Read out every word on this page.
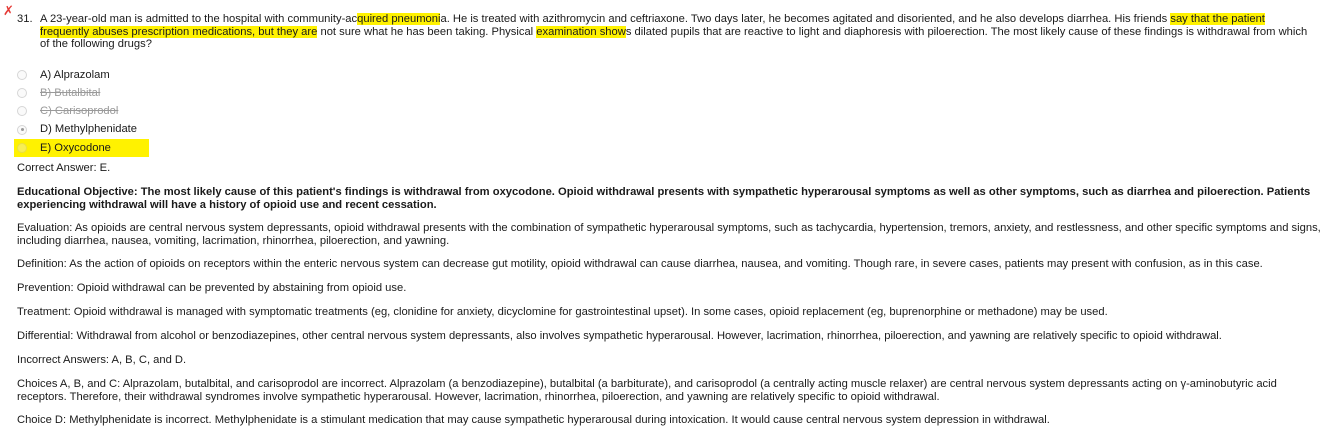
✗
31. A 23-year-old man is admitted to the hospital with community-acquired pneumonia. He is treated with azithromycin and ceftriaxone. Two days later, he becomes agitated and disoriented, and he also develops diarrhea. His friends say that the patient frequently abuses prescription medications, but they are not sure what he has been taking. Physical examination shows dilated pupils that are reactive to light and diaphoresis with piloerection. The most likely cause of these findings is withdrawal from which of the following drugs?
A) Alprazolam
B) Butalbital
C) Carisoprodol
D) Methylphenidate
E) Oxycodone
Correct Answer: E.
Educational Objective: The most likely cause of this patient's findings is withdrawal from oxycodone. Opioid withdrawal presents with sympathetic hyperarousal symptoms as well as other symptoms, such as diarrhea and piloerection. Patients experiencing withdrawal will have a history of opioid use and recent cessation.
Evaluation: As opioids are central nervous system depressants, opioid withdrawal presents with the combination of sympathetic hyperarousal symptoms, such as tachycardia, hypertension, tremors, anxiety, and restlessness, and other specific symptoms and signs, including diarrhea, nausea, vomiting, lacrimation, rhinorrhea, piloerection, and yawning.
Definition: As the action of opioids on receptors within the enteric nervous system can decrease gut motility, opioid withdrawal can cause diarrhea, nausea, and vomiting. Though rare, in severe cases, patients may present with confusion, as in this case.
Prevention: Opioid withdrawal can be prevented by abstaining from opioid use.
Treatment: Opioid withdrawal is managed with symptomatic treatments (eg, clonidine for anxiety, dicyclomine for gastrointestinal upset). In some cases, opioid replacement (eg, buprenorphine or methadone) may be used.
Differential: Withdrawal from alcohol or benzodiazepines, other central nervous system depressants, also involves sympathetic hyperarousal. However, lacrimation, rhinorrhea, piloerection, and yawning are relatively specific to opioid withdrawal.
Incorrect Answers: A, B, C, and D.
Choices A, B, and C: Alprazolam, butalbital, and carisoprodol are incorrect. Alprazolam (a benzodiazepine), butalbital (a barbiturate), and carisoprodol (a centrally acting muscle relaxer) are central nervous system depressants acting on γ-aminobutyric acid receptors. Therefore, their withdrawal syndromes involve sympathetic hyperarousal. However, lacrimation, rhinorrhea, piloerection, and yawning are relatively specific to opioid withdrawal.
Choice D: Methylphenidate is incorrect. Methylphenidate is a stimulant medication that may cause sympathetic hyperarousal during intoxication. It would cause central nervous system depression in withdrawal.
